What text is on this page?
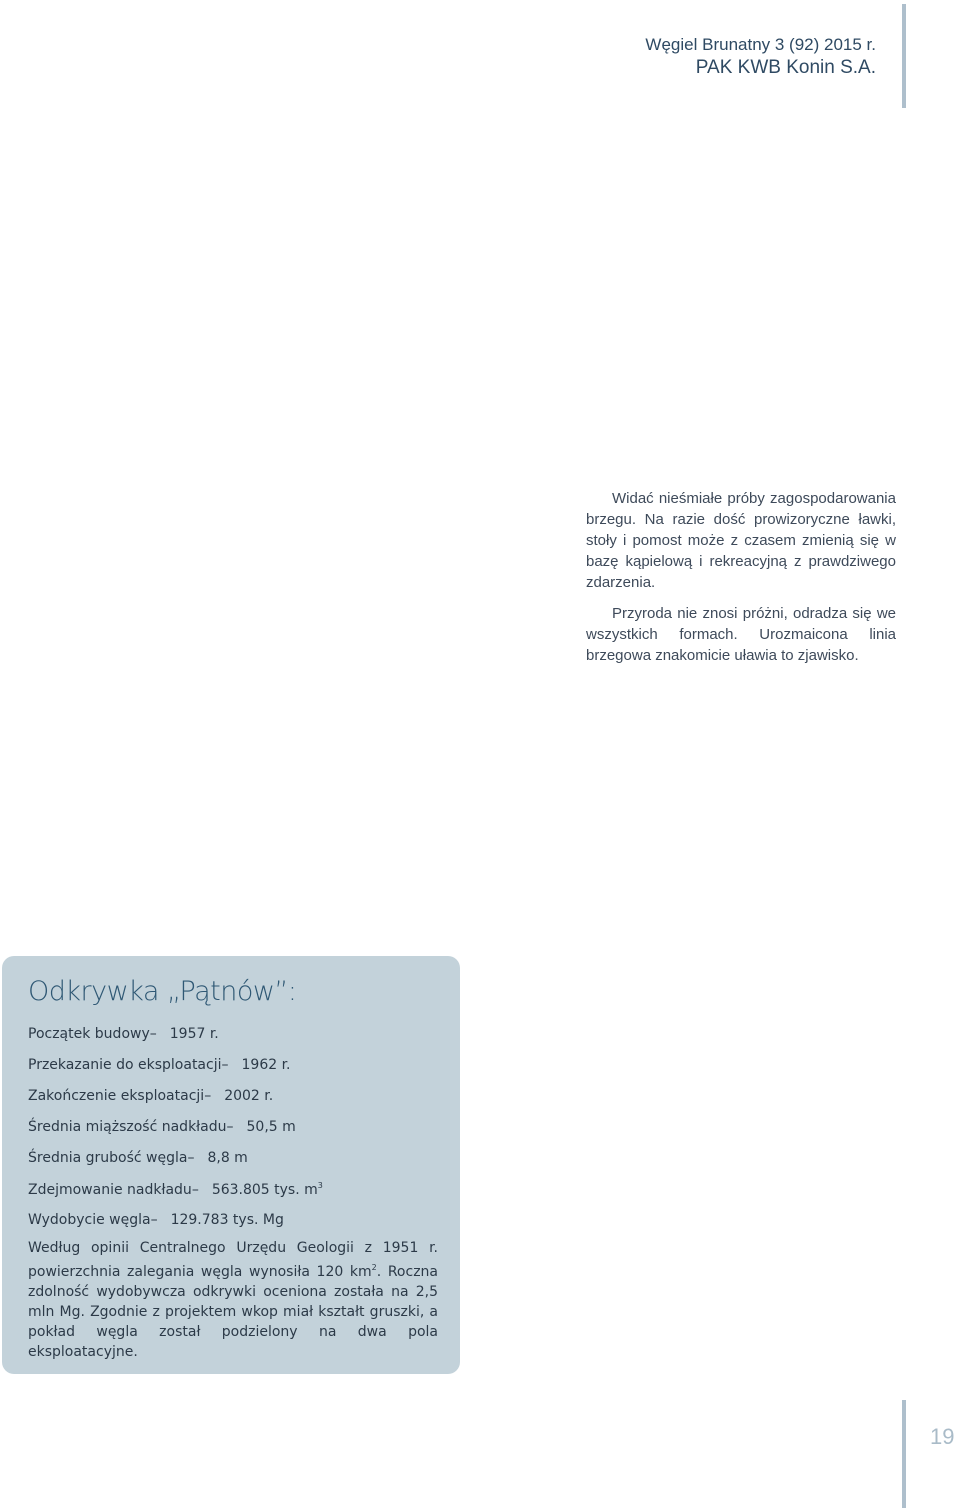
Węgiel Brunatny 3 (92) 2015 r.
PAK KWB Konin S.A.

Widać nieśmiałe próby zagospodarowania brzegu. Na razie dość prowizoryczne ławki, stoły i pomost może z czasem zmienią się w bazę kąpielową i rekreacyjną z prawdziwego zdarzenia.

Przyroda nie znosi próżni, odradza się we wszystkich formach. Urozmaicona linia brzegowa znakomicie uławia to zjawisko.

Odkrywka „Pątnów”:
Początek budowy– 1957 r.
Przekazanie do eksploatacji– 1962 r.
Zakończenie eksploatacji– 2002 r.
Średnia miąższość nadkładu– 50,5 m
Średnia grubość węgla– 8,8 m
Zdejmowanie nadkładu– 563.805 tys. $m^3$
Wydobycie węgla– 129.783 tys. Mg
Według opinii Centralnego Urzędu Geologii z 1951 r. powierzchnia zalegania węgla wynosiła 120 $km^2$. Roczna zdolność wydobywcza odkrywki oceniona została na 2,5 mln Mg. Zgodnie z projektem wkop miał kształt gruszki, a pokład węgla został podzielony na dwa pola eksploatacyjne.
19
